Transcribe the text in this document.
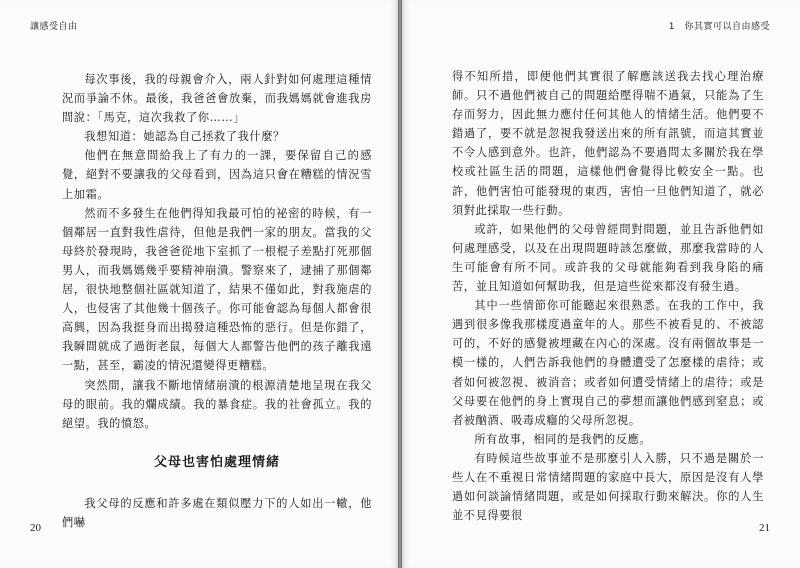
讓感受自由

每次事後，我的母親會介入，兩人針對如何處理這種情況而爭論不休。最後，我爸爸會放棄，而我媽媽就會進我房間說：「馬克，這次我救了你……」

我想知道：她認為自己拯救了我什麼？

他們在無意間給我上了有力的一課，要保留自己的感覺，絕對不要讓我的父母看到，因為這只會在糟糕的情況雪上加霜。

然而不多發生在他們得知我最可怕的祕密的時候，有一個鄰居一直對我性虐待，但他是我們一家的朋友。當我的父母終於發現時，我爸爸從地下室抓了一根棍子差點打死那個男人，而我媽媽幾乎要精神崩潰。警察來了，逮捕了那個鄰居，很快地整個社區就知道了，結果不僅如此，對我施虐的人，也侵害了其他幾十個孩子。你可能會認為每個人都會很高興，因為我挺身而出揭發這種恐怖的惡行。但是你錯了，我瞬間就成了過街老鼠，每個大人都警告他們的孩子離我遠一點，甚至，霸凌的情況還變得更糟糕。

突然間，讓我不斷地情緒崩潰的根源清楚地呈現在我父母的眼前。我的爛成績。我的暴食症。我的社會孤立。我的絕望。我的憤怒。

父母也害怕處理情緒

我父母的反應和許多處在類似壓力下的人如出一轍，他們嚇

20
1　你其實可以自由感受

得不知所措，即便他們其實很了解應該送我去找心理治療師。只不過他們被自己的問題給壓得喘不過氣，只能為了生存而努力，因此無力應付任何其他人的情緒生活。他們要不錯過了，要不就是忽視我發送出來的所有訊號，而這其實並不令人感到意外。也許，他們認為不要過問太多關於我在學校或社區生活的問題，這樣他們會覺得比較安全一點。也許，他們害怕可能發現的東西，害怕一旦他們知道了，就必須對此採取一些行動。

或許，如果他們的父母曾經問對問題，並且告訴他們如何處理感受，以及在出現問題時該怎麼做，那麼我當時的人生可能會有所不同。或許我的父母就能夠看到我身陷的痛苦，並且知道如何幫助我，但是這些從來都沒有發生過。

其中一些情節你可能聽起來很熟悉。在我的工作中，我遇到很多像我那樣度過童年的人。那些不被看見的、不被認可的，不好的感覺被埋藏在內心的深處。沒有兩個故事是一模一樣的，人們告訴我他們的身體遭受了怎麼樣的虐待；或者如何被忽視、被消音；或者如何遭受情緒上的虐待；或是父母要在他們的身上實現自己的夢想而讓他們感到窒息；或者被酗酒、吸毒成癮的父母所忽視。

所有故事，相同的是我們的反應。

有時候這些故事並不是那麼引人入勝，只不過是關於一些人在不重視日常情緒問題的家庭中長大，原因是沒有人學過如何談論情緒問題，或是如何採取行動來解決。你的人生並不見得要很

21
